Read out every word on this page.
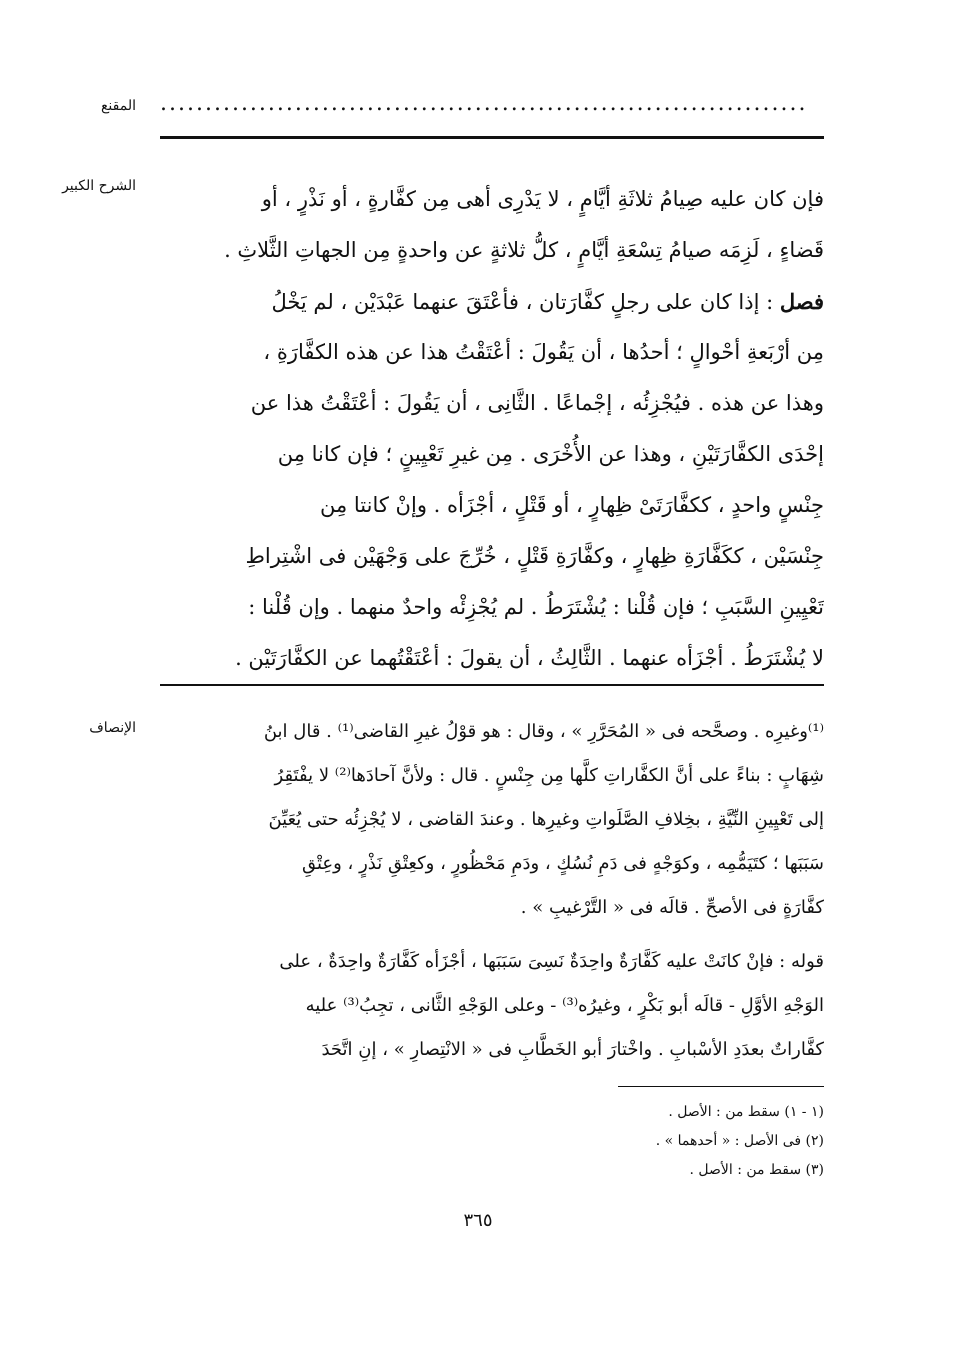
المقنع ........................................................................
الشرح الكبير
فإن كان عليه صِيامُ ثلاثَةِ أيَّامٍ ، لا يَدْرِى أهى مِن كفَّارةٍ ، أو نَذْرٍ ، أو
قَضاءٍ ، لَزِمَه صيامُ تِسْعَةِ أيَّامٍ ، كلُّ ثلاثةٍ عن واحدةٍ مِن الجهاتِ الثَّلاثِ .
فصل : إذا كان على رجلٍ كفَّارَتان ، فأعْتَقَ عنهما عَبْدَيْن ، لم يَخْلُ
مِن أرْبَعةِ أحْوالٍ ؛ أحدُها ، أن يَقُولَ : أعْتَقْتُ هذا عن هذه الكفَّارَةِ ،
وهذا عن هذه . فيُجْزِئُه ، إجْماعًا . الثَّانِى ، أن يَقُولَ : أعْتَقْتُ هذا عن
إحْدَى الكفَّارَتَيْنِ ، وهذا عن الأُخْرَى . مِن غيرِ تَعْيِينٍ ؛ فإن كانا مِن
جِنْسٍ واحدٍ ، ككفَّارَتَىْ ظِهارٍ ، أو قَتْلٍ ، أجْزَأه . وإنْ كانتا مِن
جِنْسَيْن ، ككَفَّارَةِ ظِهارٍ ، وكفَّارَةِ قَتْلٍ ، خُرِّجَ على وَجْهَيْن فى اشْتِراطِ
تَعْيِينِ السَّبَبِ ؛ فإن قُلْنا : يُشْتَرَطُ . لم يُجْزِئْه واحدٌ منهما . وإن قُلْنا :
لا يُشْتَرَطُ . أجْزَأه عنهما . الثَّالِثُ ، أن يقولَ : أعْتَقْتُهما عن الكفَّارَتَيْن .
الإنصاف	⁽¹⁾وغيرِه . وصحَّحه فى « المُحَرَّرِ » ، وقال : هو قوْلُ غيرِ القاضى⁽¹⁾ . قال ابنُ
شِهَابٍ : بناءً على أنَّ الكفَّاراتِ كلَّها مِن جِنْسٍ . قال : ولأنَّ آحادَها⁽²⁾ لا يفْتَقِرُ
إلى تَعْيِينِ النِّيَّةِ ، بخِلافِ الصَّلَواتِ وغيرِها . وعندَ القاضى ، لا يُجْزِئُه حتى يُعَيِّنَ
سَبَبَها ؛ كتَيَمُّمِه ، وكوَجْهٍ فى دَمِ نُسُكٍ ، ودَمِ مَحْظُورٍ ، وكعِتْقِ نَذْرٍ ، وعِتْقِ
كفَّارَةٍ فى الأصحِّ . قالَه فى « التَّرْغيبِ » .
قوله : فإنْ كانَتْ عليه كَفَّارَةٌ واحِدَةٌ نَسِىَ سَبَبَها ، أجْزَأه كَفَّارَةٌ واحِدَةٌ ، على
الوَجْهِ الأوَّلِ - قالَه أبو بَكْرٍ ، وغيرُه⁽³⁾ - وعلى الوَجْهِ الثَّانى ، تجِبُ⁽³⁾ عليه
كفَّاراتٌ بعدَدِ الأسْبابِ . واخْتارَ أبو الخَطَّابِ فى « الانْتِصارِ » ، إنِ اتَّحَدَ
(١ - ١) سقط من : الأصل .
(٢) فى الأصل : « أحدهما » .
(٣) سقط من : الأصل .
٣٦٥
